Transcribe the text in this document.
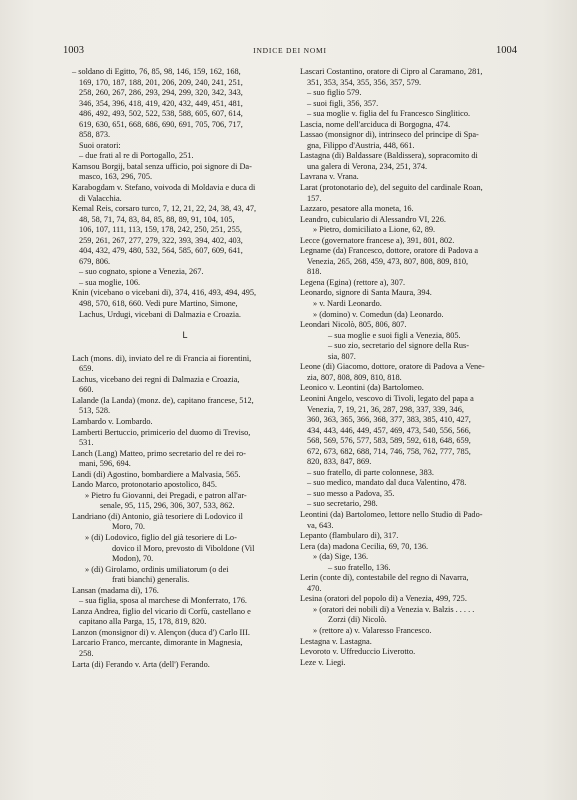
1003	INDICE DEI NOMI	1004

– soldano di Egitto, 76, 85, 98, 146, 159, 162, 168,

169, 170, 187, 188, 201, 206, 209, 240, 241, 251,

258, 260, 267, 286, 293, 294, 299, 320, 342, 343,

346, 354, 396, 418, 419, 420, 432, 449, 451, 481,

486, 492, 493, 502, 522, 538, 588, 605, 607, 614,

619, 630, 651, 668, 686, 690, 691, 705, 706, 717,

858, 873.

Suoi oratori:

– due frati al re di Portogallo, 251.

Kamsou Borgij, batal senza ufficio, poi signore di Da-

masco, 163, 296, 705.

Karabogdam v. Stefano, voivoda di Moldavia e duca di

di Valacchia.

Kemal Reis, corsaro turco, 7, 12, 21, 22, 24, 38, 43, 47,

48, 58, 71, 74, 83, 84, 85, 88, 89, 91, 104, 105,

106, 107, 111, 113, 159, 178, 242, 250, 251, 255,

259, 261, 267, 277, 279, 322, 393, 394, 402, 403,

404, 432, 479, 480, 532, 564, 585, 607, 609, 641,

679, 806.

– suo cognato, spione a Venezia, 267.

– sua moglie, 106.

Knin (vicebano o vicebani di), 374, 416, 493, 494, 495,

498, 570, 618, 660. Vedi pure Martino, Simone,

Lachus, Urdugi, vicebani di Dalmazia e Croazia.

L

Lach (mons. di), inviato del re di Francia ai fiorentini,

659.

Lachus, vicebano dei regni di Dalmazia e Croazia,

660.

Lalande (la Landa) (monz. de), capitano francese, 512,

513, 528.

Lambardo v. Lombardo.

Lamberti Bertuccio, primicerio del duomo di Treviso,

531.

Lanch (Lang) Matteo, primo secretario del re dei ro-

mani, 596, 694.

Landi (di) Agostino, bombardiere a Malvasia, 565.

Lando Marco, protonotario apostolico, 845.

» Pietro fu Giovanni, dei Pregadi, e patron all'ar-

senale, 95, 115, 296, 306, 307, 533, 862.

Landriano (di) Antonio, già tesoriere di Lodovico il

Moro, 70.

» (di) Lodovico, figlio del già tesoriere di Lo-

dovico il Moro, prevosto di Viboldone (Vil

Modon), 70.

» (di) Girolamo, ordinis umiliatorum (o dei

frati bianchi) generalis.

Lansan (madama di), 176.

– sua figlia, sposa al marchese di Monferrato, 176.

Lanza Andrea, figlio del vicario di Corfù, castellano e

capitano alla Parga, 15, 178, 819, 820.

Lanzon (monsignor di) v. Alençon (duca d') Carlo III.

Larcario Franco, mercante, dimorante in Magnesia,

258.

Larta (di) Ferando v. Arta (dell') Ferando.

Lascari Costantino, oratore di Cipro al Caramano, 281,

351, 353, 354, 355, 356, 357, 579.

– suo figlio 579.

– suoi figli, 356, 357.

– sua moglie v. figlia del fu Francesco Singlitico.

Lascia, nome dell'arciduca di Borgogna, 474.

Lassao (monsignor di), intrinseco del principe di Spa-

gna, Filippo d'Austria, 448, 661.

Lastagna (di) Baldassare (Baldissera), sopracomito di

una galera di Verona, 234, 251, 374.

Lavrana v. Vrana.

Larat (protonotario de), del seguito del cardinale Roan,

157.

Lazzaro, pesatore alla moneta, 16.

Leandro, cubiculario di Alessandro VI, 226.

» Pietro, domiciliato a Lione, 62, 89.

Lecce (governatore francese a), 391, 801, 802.

Legname (da) Francesco, dottore, oratore di Padova a

Venezia, 265, 268, 459, 473, 807, 808, 809, 810,

818.

Legena (Egina) (rettore a), 307.

Leonardo, signore di Santa Maura, 394.

» v. Nardi Leonardo.

» (domino) v. Comedun (da) Leonardo.

Leondari Nicolò, 805, 806, 807.

– sua moglie e suoi figli a Venezia, 805.

– suo zio, secretario del signore della Rus-

sia, 807.

Leone (di) Giacomo, dottore, oratore di Padova a Vene-

zia, 807, 808, 809, 810, 818.

Leonico v. Leontini (da) Bartolomeo.

Leonini Angelo, vescovo di Tivoli, legato del papa a

Venezia, 7, 19, 21, 36, 287, 298, 337, 339, 346,

360, 363, 365, 366, 368, 377, 383, 385, 410, 427,

434, 443, 446, 449, 457, 469, 473, 540, 556, 566,

568, 569, 576, 577, 583, 589, 592, 618, 648, 659,

672, 673, 682, 688, 714, 746, 758, 762, 777, 785,

820, 833, 847, 869.

– suo fratello, di parte colonnese, 383.

– suo medico, mandato dal duca Valentino, 478.

– suo messo a Padova, 35.

– suo secretario, 298.

Leontini (da) Bartolomeo, lettore nello Studio di Pado-

va, 643.

Lepanto (flambularo di), 317.

Lera (da) madona Cecilia, 69, 70, 136.

» (da) Sige, 136.

– suo fratello, 136.

Lerin (conte di), contestabile del regno di Navarra,

470.

Lesina (oratori del popolo di) a Venezia, 499, 725.

» (oratori dei nobili di) a Venezia v. Balzis . . . . .

Zorzi (di) Nicolò.

» (rettore a) v. Valaresso Francesco.

Lestagna v. Lastagna.

Levoroto v. Uffreduccio Liverotto.

Leze v. Liegi.
